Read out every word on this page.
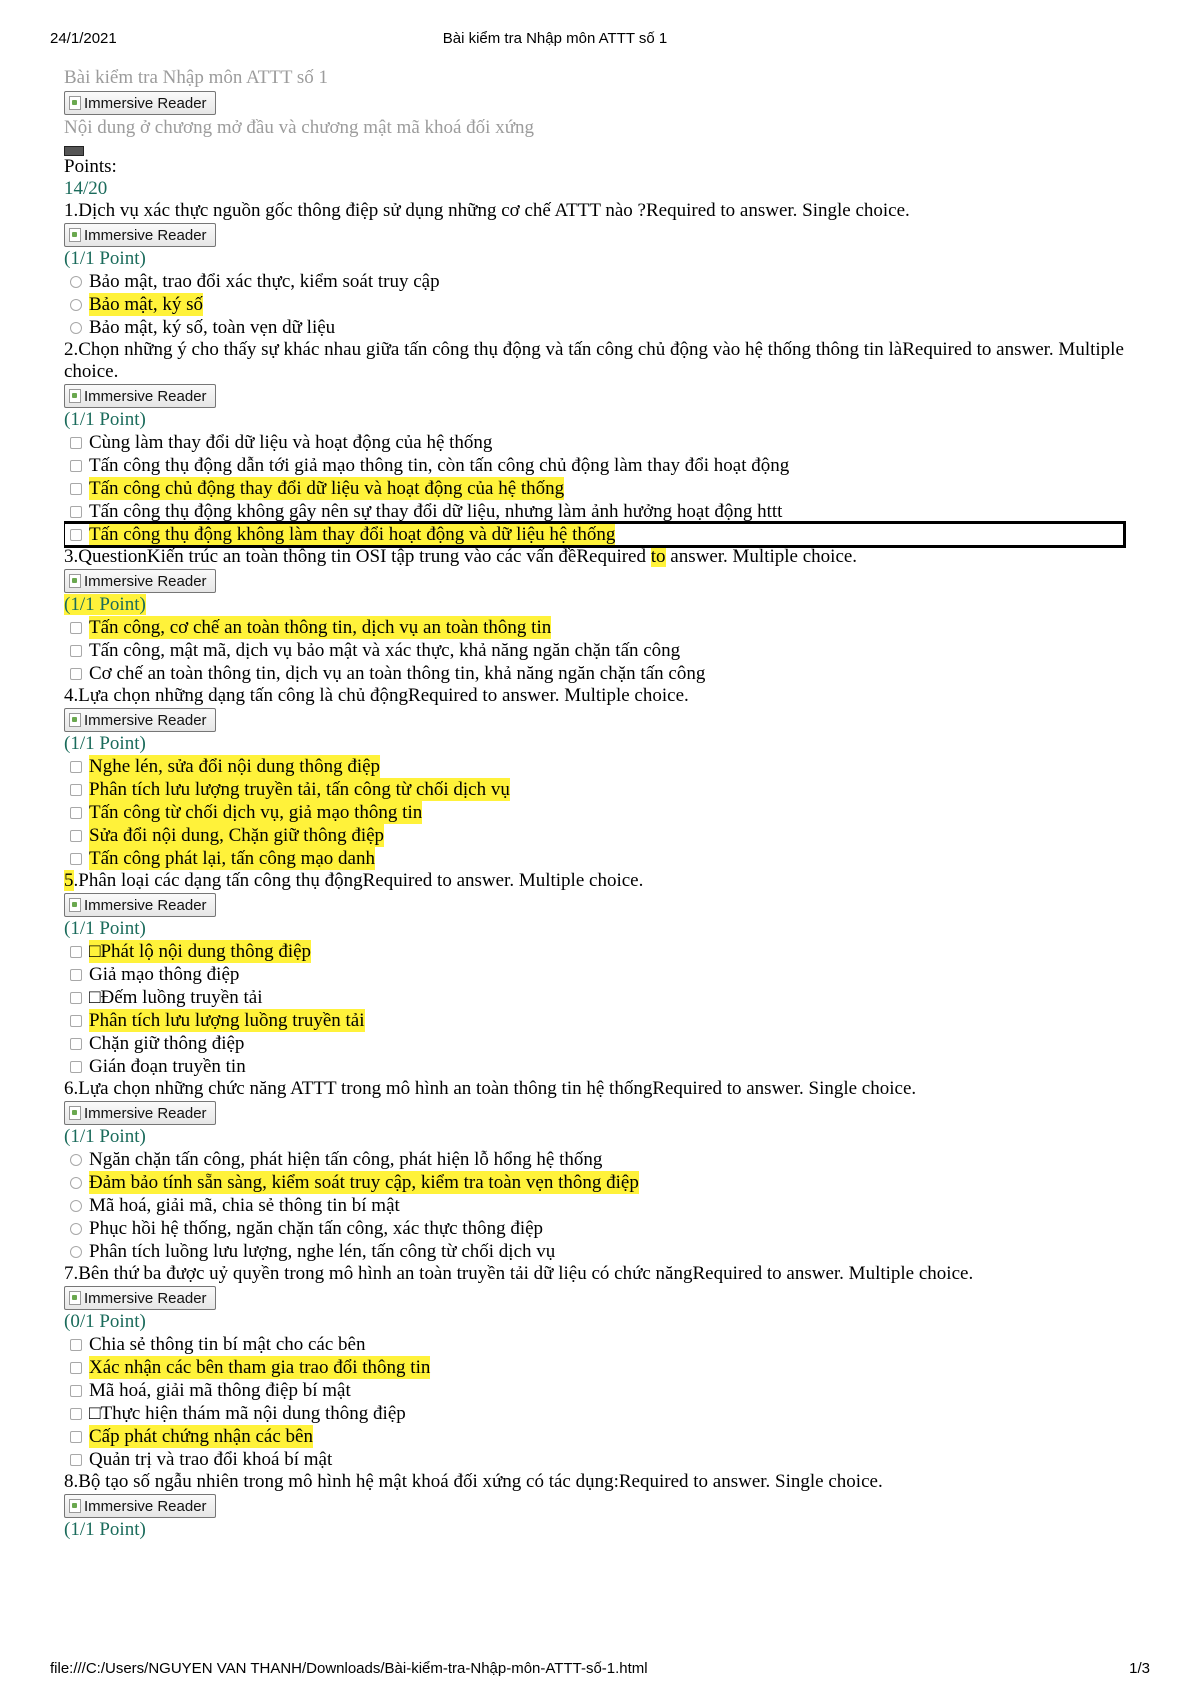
24/1/2021	Bài kiểm tra Nhập môn ATTT số 1
Bài kiểm tra Nhập môn ATTT số 1
Immersive Reader
Nội dung ở chương mở đầu và chương mật mã khoá đối xứng
Points:
14/20
1.Dịch vụ xác thực nguồn gốc thông điệp sử dụng những cơ chế ATTT nào ?Required to answer. Single choice.
Immersive Reader
(1/1 Point)
Bảo mật, trao đổi xác thực, kiểm soát truy cập
Bảo mật, ký số
Bảo mật, ký số, toàn vẹn dữ liệu
2.Chọn những ý cho thấy sự khác nhau giữa tấn công thụ động và tấn công chủ động vào hệ thống thông tin làRequired to answer. Multiple choice.
Immersive Reader
(1/1 Point)
Cùng làm thay đổi dữ liệu và hoạt động của hệ thống
Tấn công thụ động dẫn tới giả mạo thông tin, còn tấn công chủ động làm thay đổi hoạt động
Tấn công chủ động thay đổi dữ liệu và hoạt động của hệ thống
Tấn công thụ động không gây nên sự thay đổi dữ liệu, nhưng làm ảnh hưởng hoạt động httt
Tấn công thụ động không làm thay đổi hoạt động và dữ liệu hệ thống
3.QuestionKiến trúc an toàn thông tin OSI tập trung vào các vấn đềRequired to answer. Multiple choice.
Immersive Reader
(1/1 Point)
Tấn công, cơ chế an toàn thông tin, dịch vụ an toàn thông tin
Tấn công, mật mã, dịch vụ bảo mật và xác thực, khả năng ngăn chặn tấn công
Cơ chế an toàn thông tin, dịch vụ an toàn thông tin, khả năng ngăn chặn tấn công
4.Lựa chọn những dạng tấn công là chủ độngRequired to answer. Multiple choice.
Immersive Reader
(1/1 Point)
Nghe lén, sửa đổi nội dung thông điệp
Phân tích lưu lượng truyền tải, tấn công từ chối dịch vụ
Tấn công từ chối dịch vụ, giả mạo thông tin
Sửa đổi nội dung, Chặn giữ thông điệp
Tấn công phát lại, tấn công mạo danh
5.Phân loại các dạng tấn công thụ độngRequired to answer. Multiple choice.
Immersive Reader
(1/1 Point)
□Phát lộ nội dung thông điệp
Giả mạo thông điệp
□Đếm luồng truyền tải
Phân tích lưu lượng luồng truyền tải
Chặn giữ thông điệp
Gián đoạn truyền tin
6.Lựa chọn những chức năng ATTT trong mô hình an toàn thông tin hệ thốngRequired to answer. Single choice.
Immersive Reader
(1/1 Point)
Ngăn chặn tấn công, phát hiện tấn công, phát hiện lỗ hổng hệ thống
Đảm bảo tính sẵn sàng, kiểm soát truy cập, kiểm tra toàn vẹn thông điệp
Mã hoá, giải mã, chia sẻ thông tin bí mật
Phục hồi hệ thống, ngăn chặn tấn công, xác thực thông điệp
Phân tích luồng lưu lượng, nghe lén, tấn công từ chối dịch vụ
7.Bên thứ ba được uỷ quyền trong mô hình an toàn truyền tải dữ liệu có chức năngRequired to answer. Multiple choice.
Immersive Reader
(0/1 Point)
Chia sẻ thông tin bí mật cho các bên
Xác nhận các bên tham gia trao đổi thông tin
Mã hoá, giải mã thông điệp bí mật
□Thực hiện thám mã nội dung thông điệp
Cấp phát chứng nhận các bên
Quản trị và trao đổi khoá bí mật
8.Bộ tạo số ngẫu nhiên trong mô hình hệ mật khoá đối xứng có tác dụng:Required to answer. Single choice.
Immersive Reader
(1/1 Point)
file:///C:/Users/NGUYEN VAN THANH/Downloads/Bài-kiểm-tra-Nhập-môn-ATTT-số-1.html	1/3
